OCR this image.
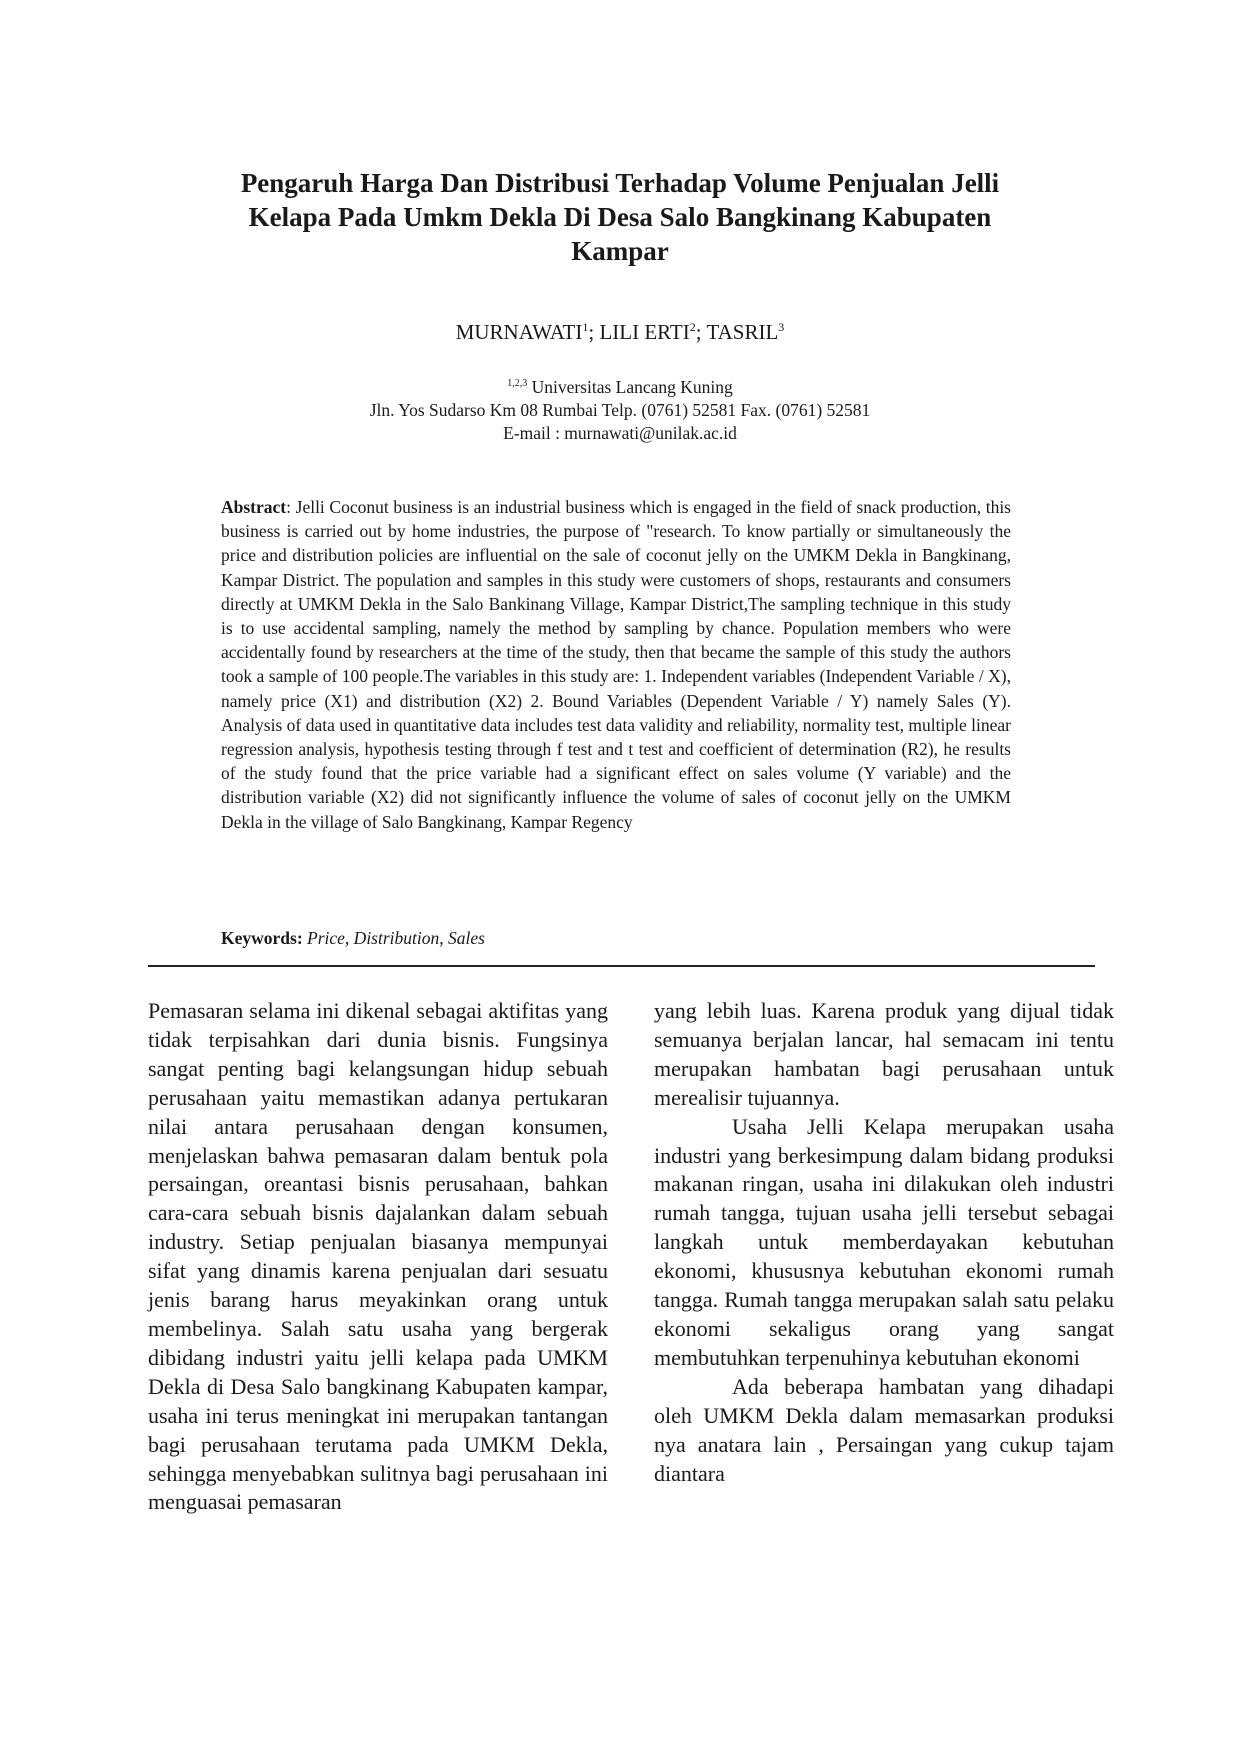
Pengaruh Harga Dan Distribusi Terhadap Volume Penjualan Jelli
Kelapa Pada Umkm Dekla Di Desa Salo Bangkinang Kabupaten
Kampar
MURNAWATI$^1$; LILI ERTI$^2$; TASRIL$^3$
$^{1,2,3}$ Universitas Lancang Kuning
Jln. Yos Sudarso Km 08 Rumbai Telp. (0761) 52581 Fax. (0761) 52581
E-mail : murnawati@unilak.ac.id
Abstract: Jelli Coconut business is an industrial business which is engaged in the field of snack production, this business is carried out by home industries, the purpose of "research. To know partially or simultaneously the price and distribution policies are influential on the sale of coconut jelly on the UMKM Dekla in Bangkinang, Kampar District. The population and samples in this study were customers of shops, restaurants and consumers directly at UMKM Dekla in the Salo Bankinang Village, Kampar District,The sampling technique in this study is to use accidental sampling, namely the method by sampling by chance. Population members who were accidentally found by researchers at the time of the study, then that became the sample of this study the authors took a sample of 100 people.The variables in this study are: 1. Independent variables (Independent Variable / X), namely price (X1) and distribution (X2) 2. Bound Variables (Dependent Variable / Y) namely Sales (Y). Analysis of data used in quantitative data includes test data validity and reliability, normality test, multiple linear regression analysis, hypothesis testing through f test and t test and coefficient of determination (R2), he results of the study found that the price variable had a significant effect on sales volume (Y variable) and the distribution variable (X2) did not significantly influence the volume of sales of coconut jelly on the UMKM Dekla in the village of Salo Bangkinang, Kampar Regency
Keywords: Price, Distribution, Sales

Pemasaran selama ini dikenal sebagai aktifitas yang tidak terpisahkan dari dunia bisnis. Fungsinya sangat penting bagi kelangsungan hidup sebuah perusahaan yaitu memastikan adanya pertukaran nilai antara perusahaan dengan konsumen, menjelaskan bahwa pemasaran dalam bentuk pola persaingan, oreantasi bisnis perusahaan, bahkan cara-cara sebuah bisnis dajalankan dalam sebuah industry. Setiap penjualan biasanya mempunyai sifat yang dinamis karena penjualan dari sesuatu jenis barang harus meyakinkan orang untuk membelinya. Salah satu usaha yang bergerak dibidang industri yaitu jelli kelapa pada UMKM Dekla di Desa Salo bangkinang Kabupaten kampar, usaha ini terus meningkat ini merupakan tantangan bagi perusahaan terutama pada UMKM Dekla, sehingga menyebabkan sulitnya bagi perusahaan ini menguasai pemasaran

yang lebih luas. Karena produk yang dijual tidak semuanya berjalan lancar, hal semacam ini tentu merupakan hambatan bagi perusahaan untuk merealisir tujuannya.

Usaha Jelli Kelapa merupakan usaha industri yang berkesimpung dalam bidang produksi makanan ringan, usaha ini dilakukan oleh industri rumah tangga, tujuan usaha jelli tersebut sebagai langkah untuk memberdayakan kebutuhan ekonomi, khususnya kebutuhan ekonomi rumah tangga. Rumah tangga merupakan salah satu pelaku ekonomi sekaligus orang yang sangat membutuhkan terpenuhinya kebutuhan ekonomi

Ada beberapa hambatan yang dihadapi oleh UMKM Dekla dalam memasarkan produksi nya anatara lain , Persaingan yang cukup tajam diantara
